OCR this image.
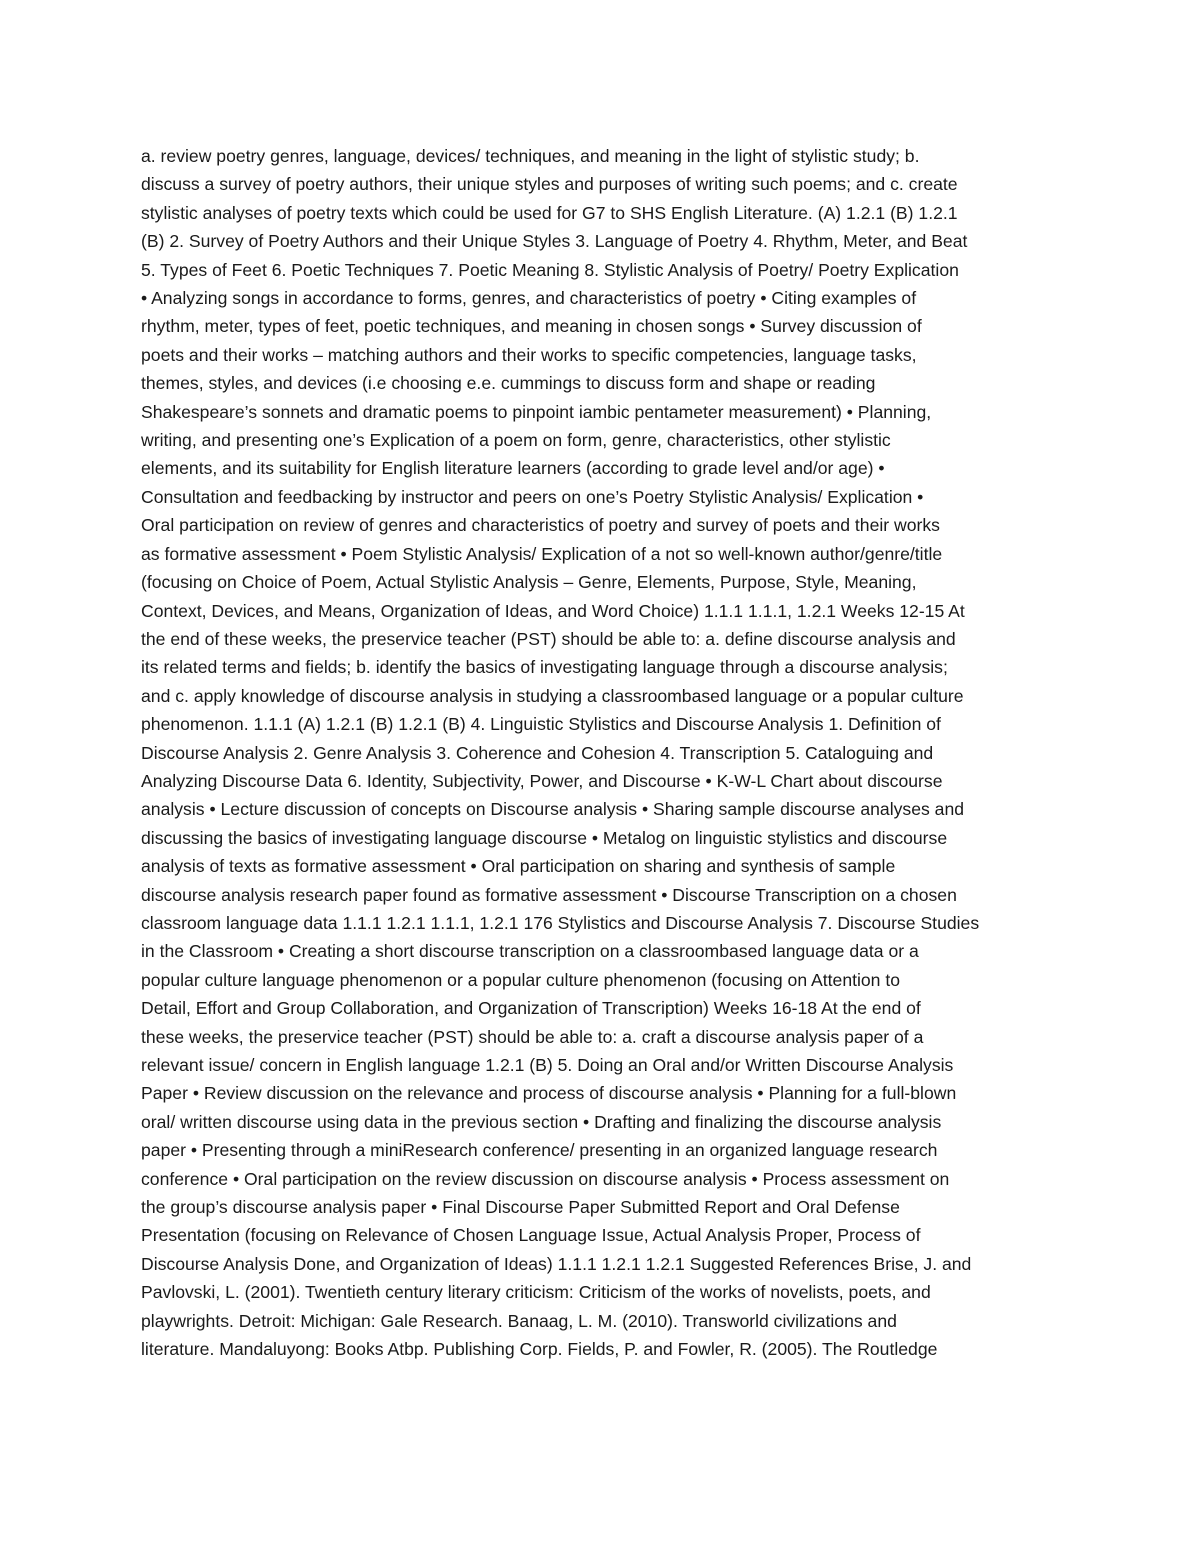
a. review poetry genres, language, devices/ techniques, and meaning in the light of stylistic study; b.
discuss a survey of poetry authors, their unique styles and purposes of writing such poems; and c. create
stylistic analyses of poetry texts which could be used for G7 to SHS English Literature. (A) 1.2.1 (B) 1.2.1
(B) 2. Survey of Poetry Authors and their Unique Styles 3. Language of Poetry 4. Rhythm, Meter, and Beat
5. Types of Feet 6. Poetic Techniques 7. Poetic Meaning 8. Stylistic Analysis of Poetry/ Poetry Explication
• Analyzing songs in accordance to forms, genres, and characteristics of poetry • Citing examples of
rhythm, meter, types of feet, poetic techniques, and meaning in chosen songs • Survey discussion of
poets and their works – matching authors and their works to specific competencies, language tasks,
themes, styles, and devices (i.e choosing e.e. cummings to discuss form and shape or reading
Shakespeare’s sonnets and dramatic poems to pinpoint iambic pentameter measurement) • Planning,
writing, and presenting one’s Explication of a poem on form, genre, characteristics, other stylistic
elements, and its suitability for English literature learners (according to grade level and/or age) •
Consultation and feedbacking by instructor and peers on one’s Poetry Stylistic Analysis/ Explication •
Oral participation on review of genres and characteristics of poetry and survey of poets and their works
as formative assessment • Poem Stylistic Analysis/ Explication of a not so well-known author/genre/title
(focusing on Choice of Poem, Actual Stylistic Analysis – Genre, Elements, Purpose, Style, Meaning,
Context, Devices, and Means, Organization of Ideas, and Word Choice) 1.1.1 1.1.1, 1.2.1 Weeks 12-15 At
the end of these weeks, the preservice teacher (PST) should be able to: a. define discourse analysis and
its related terms and fields; b. identify the basics of investigating language through a discourse analysis;
and c. apply knowledge of discourse analysis in studying a classroombased language or a popular culture
phenomenon. 1.1.1 (A) 1.2.1 (B) 1.2.1 (B) 4. Linguistic Stylistics and Discourse Analysis 1. Definition of
Discourse Analysis 2. Genre Analysis 3. Coherence and Cohesion 4. Transcription 5. Cataloguing and
Analyzing Discourse Data 6. Identity, Subjectivity, Power, and Discourse • K-W-L Chart about discourse
analysis • Lecture discussion of concepts on Discourse analysis • Sharing sample discourse analyses and
discussing the basics of investigating language discourse • Metalog on linguistic stylistics and discourse
analysis of texts as formative assessment • Oral participation on sharing and synthesis of sample
discourse analysis research paper found as formative assessment • Discourse Transcription on a chosen
classroom language data 1.1.1 1.2.1 1.1.1, 1.2.1 176 Stylistics and Discourse Analysis 7. Discourse Studies
in the Classroom • Creating a short discourse transcription on a classroombased language data or a
popular culture language phenomenon or a popular culture phenomenon (focusing on Attention to
Detail, Effort and Group Collaboration, and Organization of Transcription) Weeks 16-18 At the end of
these weeks, the preservice teacher (PST) should be able to: a. craft a discourse analysis paper of a
relevant issue/ concern in English language 1.2.1 (B) 5. Doing an Oral and/or Written Discourse Analysis
Paper • Review discussion on the relevance and process of discourse analysis • Planning for a full-blown
oral/ written discourse using data in the previous section • Drafting and finalizing the discourse analysis
paper • Presenting through a miniResearch conference/ presenting in an organized language research
conference • Oral participation on the review discussion on discourse analysis • Process assessment on
the group’s discourse analysis paper • Final Discourse Paper Submitted Report and Oral Defense
Presentation (focusing on Relevance of Chosen Language Issue, Actual Analysis Proper, Process of
Discourse Analysis Done, and Organization of Ideas) 1.1.1 1.2.1 1.2.1 Suggested References Brise, J. and
Pavlovski, L. (2001). Twentieth century literary criticism: Criticism of the works of novelists, poets, and
playwrights. Detroit: Michigan: Gale Research. Banaag, L. M. (2010). Transworld civilizations and
literature. Mandaluyong: Books Atbp. Publishing Corp. Fields, P. and Fowler, R. (2005). The Routledge
